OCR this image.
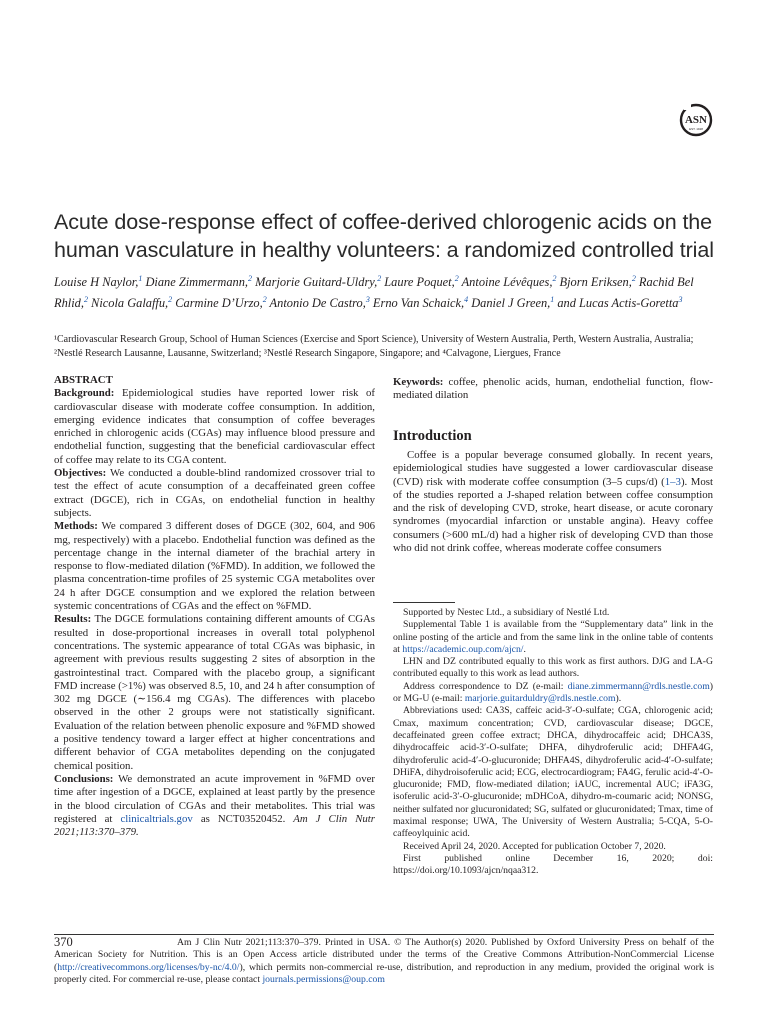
ASN
EST. 1928
Acute dose-response effect of coffee-derived chlorogenic acids on the human vasculature in healthy volunteers: a randomized controlled trial
Louise H Naylor,$^1$ Diane Zimmermann,$^2$ Marjorie Guitard-Uldry,$^2$ Laure Poquet,$^2$ Antoine Lévêques,$^2$ Bjorn Eriksen,$^2$ Rachid Bel Rhlid,$^2$ Nicola Galaffu,$^2$ Carmine D’Urzo,$^2$ Antonio De Castro,$^3$ Erno Van Schaick,$^4$ Daniel J Green,$^1$ and Lucas Actis-Goretta$^3$
¹Cardiovascular Research Group, School of Human Sciences (Exercise and Sport Science), University of Western Australia, Perth, Western Australia, Australia;
²Nestlé Research Lausanne, Lausanne, Switzerland; ³Nestlé Research Singapore, Singapore; and ⁴Calvagone, Liergues, France

ABSTRACT

Background: Epidemiological studies have reported lower risk of cardiovascular disease with moderate coffee consumption. In addition, emerging evidence indicates that consumption of coffee beverages enriched in chlorogenic acids (CGAs) may influence blood pressure and endothelial function, suggesting that the beneficial cardiovascular effect of coffee may relate to its CGA content.

Objectives: We conducted a double-blind randomized crossover trial to test the effect of acute consumption of a decaffeinated green coffee extract (DGCE), rich in CGAs, on endothelial function in healthy subjects.

Methods: We compared 3 different doses of DGCE (302, 604, and 906 mg, respectively) with a placebo. Endothelial function was defined as the percentage change in the internal diameter of the brachial artery in response to flow-mediated dilation (%FMD). In addition, we followed the plasma concentration-time profiles of 25 systemic CGA metabolites over 24 h after DGCE consumption and we explored the relation between systemic concentrations of CGAs and the effect on %FMD.

Results: The DGCE formulations containing different amounts of CGAs resulted in dose-proportional increases in overall total polyphenol concentrations. The systemic appearance of total CGAs was biphasic, in agreement with previous results suggesting 2 sites of absorption in the gastrointestinal tract. Compared with the placebo group, a significant FMD increase (>1%) was observed 8.5, 10, and 24 h after consumption of 302 mg DGCE (∼156.4 mg CGAs). The differences with placebo observed in the other 2 groups were not statistically significant. Evaluation of the relation between phenolic exposure and %FMD showed a positive tendency toward a larger effect at higher concentrations and different behavior of CGA metabolites depending on the conjugated chemical position.

Conclusions: We demonstrated an acute improvement in %FMD over time after ingestion of a DGCE, explained at least partly by the presence in the blood circulation of CGAs and their metabolites. This trial was registered at clinicaltrials.gov as NCT03520452. Am J Clin Nutr 2021;113:370–379.

Keywords: coffee, phenolic acids, human, endothelial function, flow-mediated dilation
Introduction
Coffee is a popular beverage consumed globally. In recent years, epidemiological studies have suggested a lower cardiovascular disease (CVD) risk with moderate coffee consumption (3–5 cups/d) (1–3). Most of the studies reported a J-shaped relation between coffee consumption and the risk of developing CVD, stroke, heart disease, or acute coronary syndromes (myocardial infarction or unstable angina). Heavy coffee consumers (>600 mL/d) had a higher risk of developing CVD than those who did not drink coffee, whereas moderate coffee consumers

Supported by Nestec Ltd., a subsidiary of Nestlé Ltd.

Supplemental Table 1 is available from the “Supplementary data” link in the online posting of the article and from the same link in the online table of contents at https://academic.oup.com/ajcn/.

LHN and DZ contributed equally to this work as first authors. DJG and LA-G contributed equally to this work as lead authors.

Address correspondence to DZ (e-mail: diane.zimmermann@rdls.nestle.com) or MG-U (e-mail: marjorie.guitarduldry@rdls.nestle.com).

Abbreviations used: CA3S, caffeic acid-3′-O-sulfate; CGA, chlorogenic acid; Cmax, maximum concentration; CVD, cardiovascular disease; DGCE, decaffeinated green coffee extract; DHCA, dihydrocaffeic acid; DHCA3S, dihydrocaffeic acid-3′-O-sulfate; DHFA, dihydroferulic acid; DHFA4G, dihydroferulic acid-4′-O-glucuronide; DHFA4S, dihydroferulic acid-4′-O-sulfate; DHiFA, dihydroisoferulic acid; ECG, electrocardiogram; FA4G, ferulic acid-4′-O-glucuronide; FMD, flow-mediated dilation; iAUC, incremental AUC; iFA3G, isoferulic acid-3′-O-glucuronide; mDHCoA, dihydro-m-coumaric acid; NONSG, neither sulfated nor glucuronidated; SG, sulfated or glucuronidated; Tmax, time of maximal response; UWA, The University of Western Australia; 5-CQA, 5-O-caffeoylquinic acid.

Received April 24, 2020. Accepted for publication October 7, 2020.

First published online December 16, 2020; doi: https://doi.org/10.1093/ajcn/nqaa312.

370	Am J Clin Nutr 2021;113:370–379. Printed in USA. © The Author(s) 2020. Published by Oxford University Press on behalf of the American Society for Nutrition. This is an Open Access article distributed under the terms of the Creative Commons Attribution-NonCommercial License (http://creativecommons.org/licenses/by-nc/4.0/), which permits non-commercial re-use, distribution, and reproduction in any medium, provided the original work is properly cited. For commercial re-use, please contact journals.permissions@oup.com
